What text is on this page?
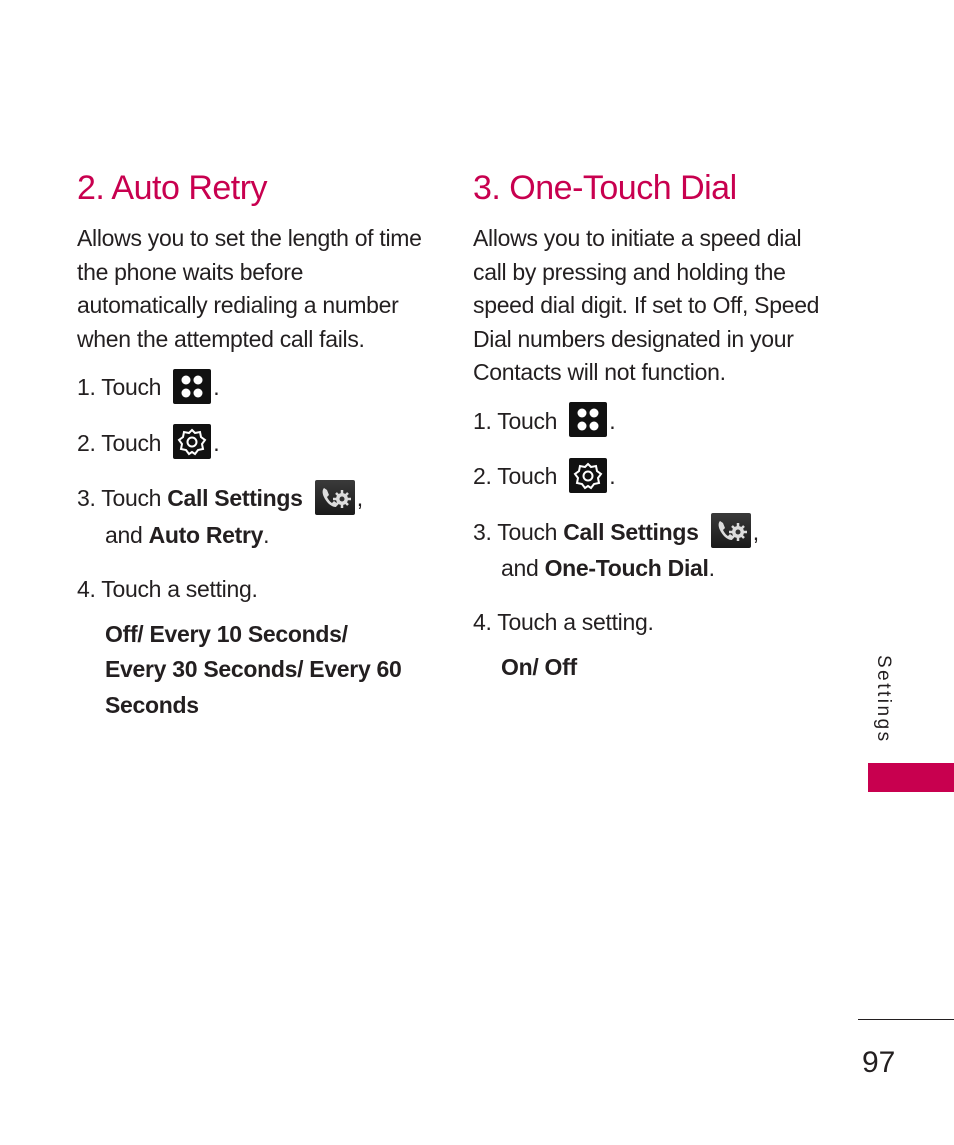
2. Auto Retry

Allows you to set the length of time the phone waits before automatically redialing a number when the attempted call fails.

1. Touch .
2. Touch .
3. Touch Call Settings ,
and Auto Retry.
4. Touch a setting.
Off/ Every 10 Seconds/
Every 30 Seconds/ Every 60
Seconds
3. One-Touch Dial

Allows you to initiate a speed dial call by pressing and holding the speed dial digit. If set to Off, Speed Dial numbers designated in your Contacts will not function.

1. Touch .
2. Touch .
3. Touch Call Settings ,
and One-Touch Dial.
4. Touch a setting.
On/ Off	Settings
97
